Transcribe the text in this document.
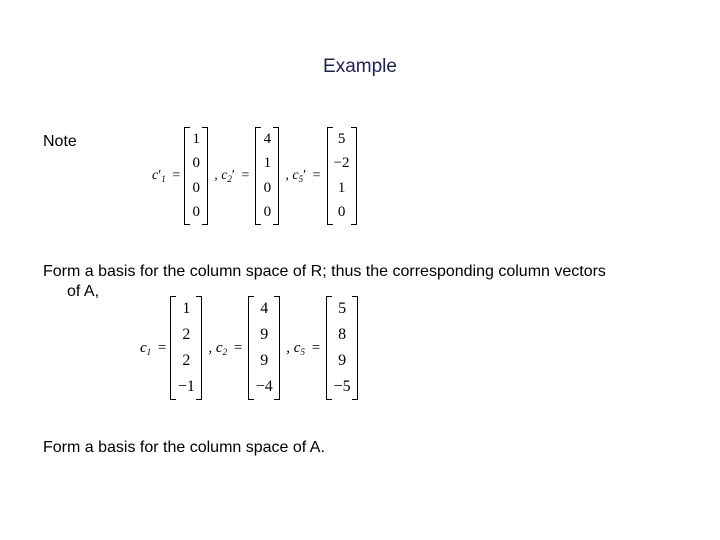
Example
Note
$c'_1$ =
1
0
0
0
, $c_2'$ =
4
1
0
0
, $c_5'$ =
5
−2
1
0
Form a basis for the column space of R; thus the corresponding column vectors
of A,
$c_1$ =
1
2
2
−1
, $c_2$ =
4
9
9
−4
, $c_5$ =
5
8
9
−5
Form a basis for the column space of A.
